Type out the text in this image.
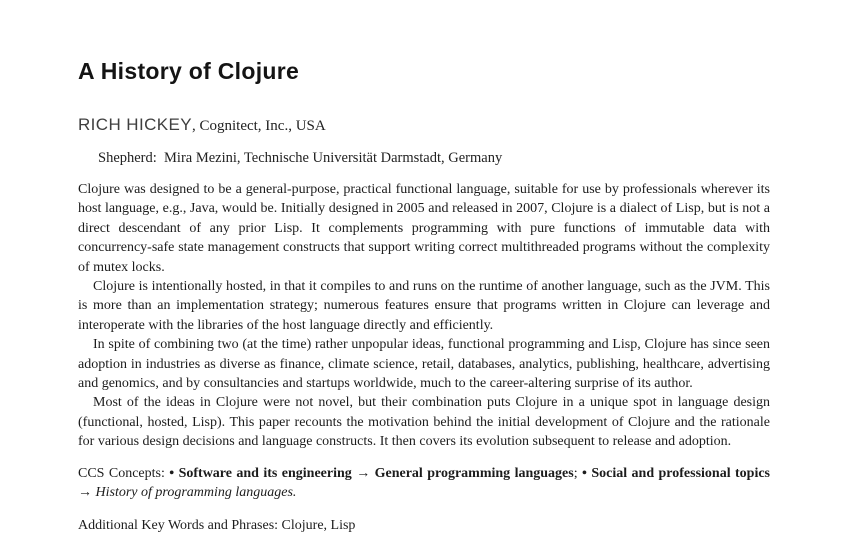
A History of Clojure
RICH HICKEY, Cognitect, Inc., USA
Shepherd:  Mira Mezini, Technische Universität Darmstadt, Germany

Clojure was designed to be a general-purpose, practical functional language, suitable for use by professionals wherever its host language, e.g., Java, would be. Initially designed in 2005 and released in 2007, Clojure is a dialect of Lisp, but is not a direct descendant of any prior Lisp. It complements programming with pure functions of immutable data with concurrency-safe state management constructs that support writing correct multithreaded programs without the complexity of mutex locks.

Clojure is intentionally hosted, in that it compiles to and runs on the runtime of another language, such as the JVM. This is more than an implementation strategy; numerous features ensure that programs written in Clojure can leverage and interoperate with the libraries of the host language directly and efficiently.

In spite of combining two (at the time) rather unpopular ideas, functional programming and Lisp, Clojure has since seen adoption in industries as diverse as finance, climate science, retail, databases, analytics, publishing, healthcare, advertising and genomics, and by consultancies and startups worldwide, much to the career-altering surprise of its author.

Most of the ideas in Clojure were not novel, but their combination puts Clojure in a unique spot in language design (functional, hosted, Lisp). This paper recounts the motivation behind the initial development of Clojure and the rationale for various design decisions and language constructs. It then covers its evolution subsequent to release and adoption.

CCS Concepts: • Software and its engineering → General programming languages; • Social and professional topics → History of programming languages.

Additional Key Words and Phrases: Clojure, Lisp
